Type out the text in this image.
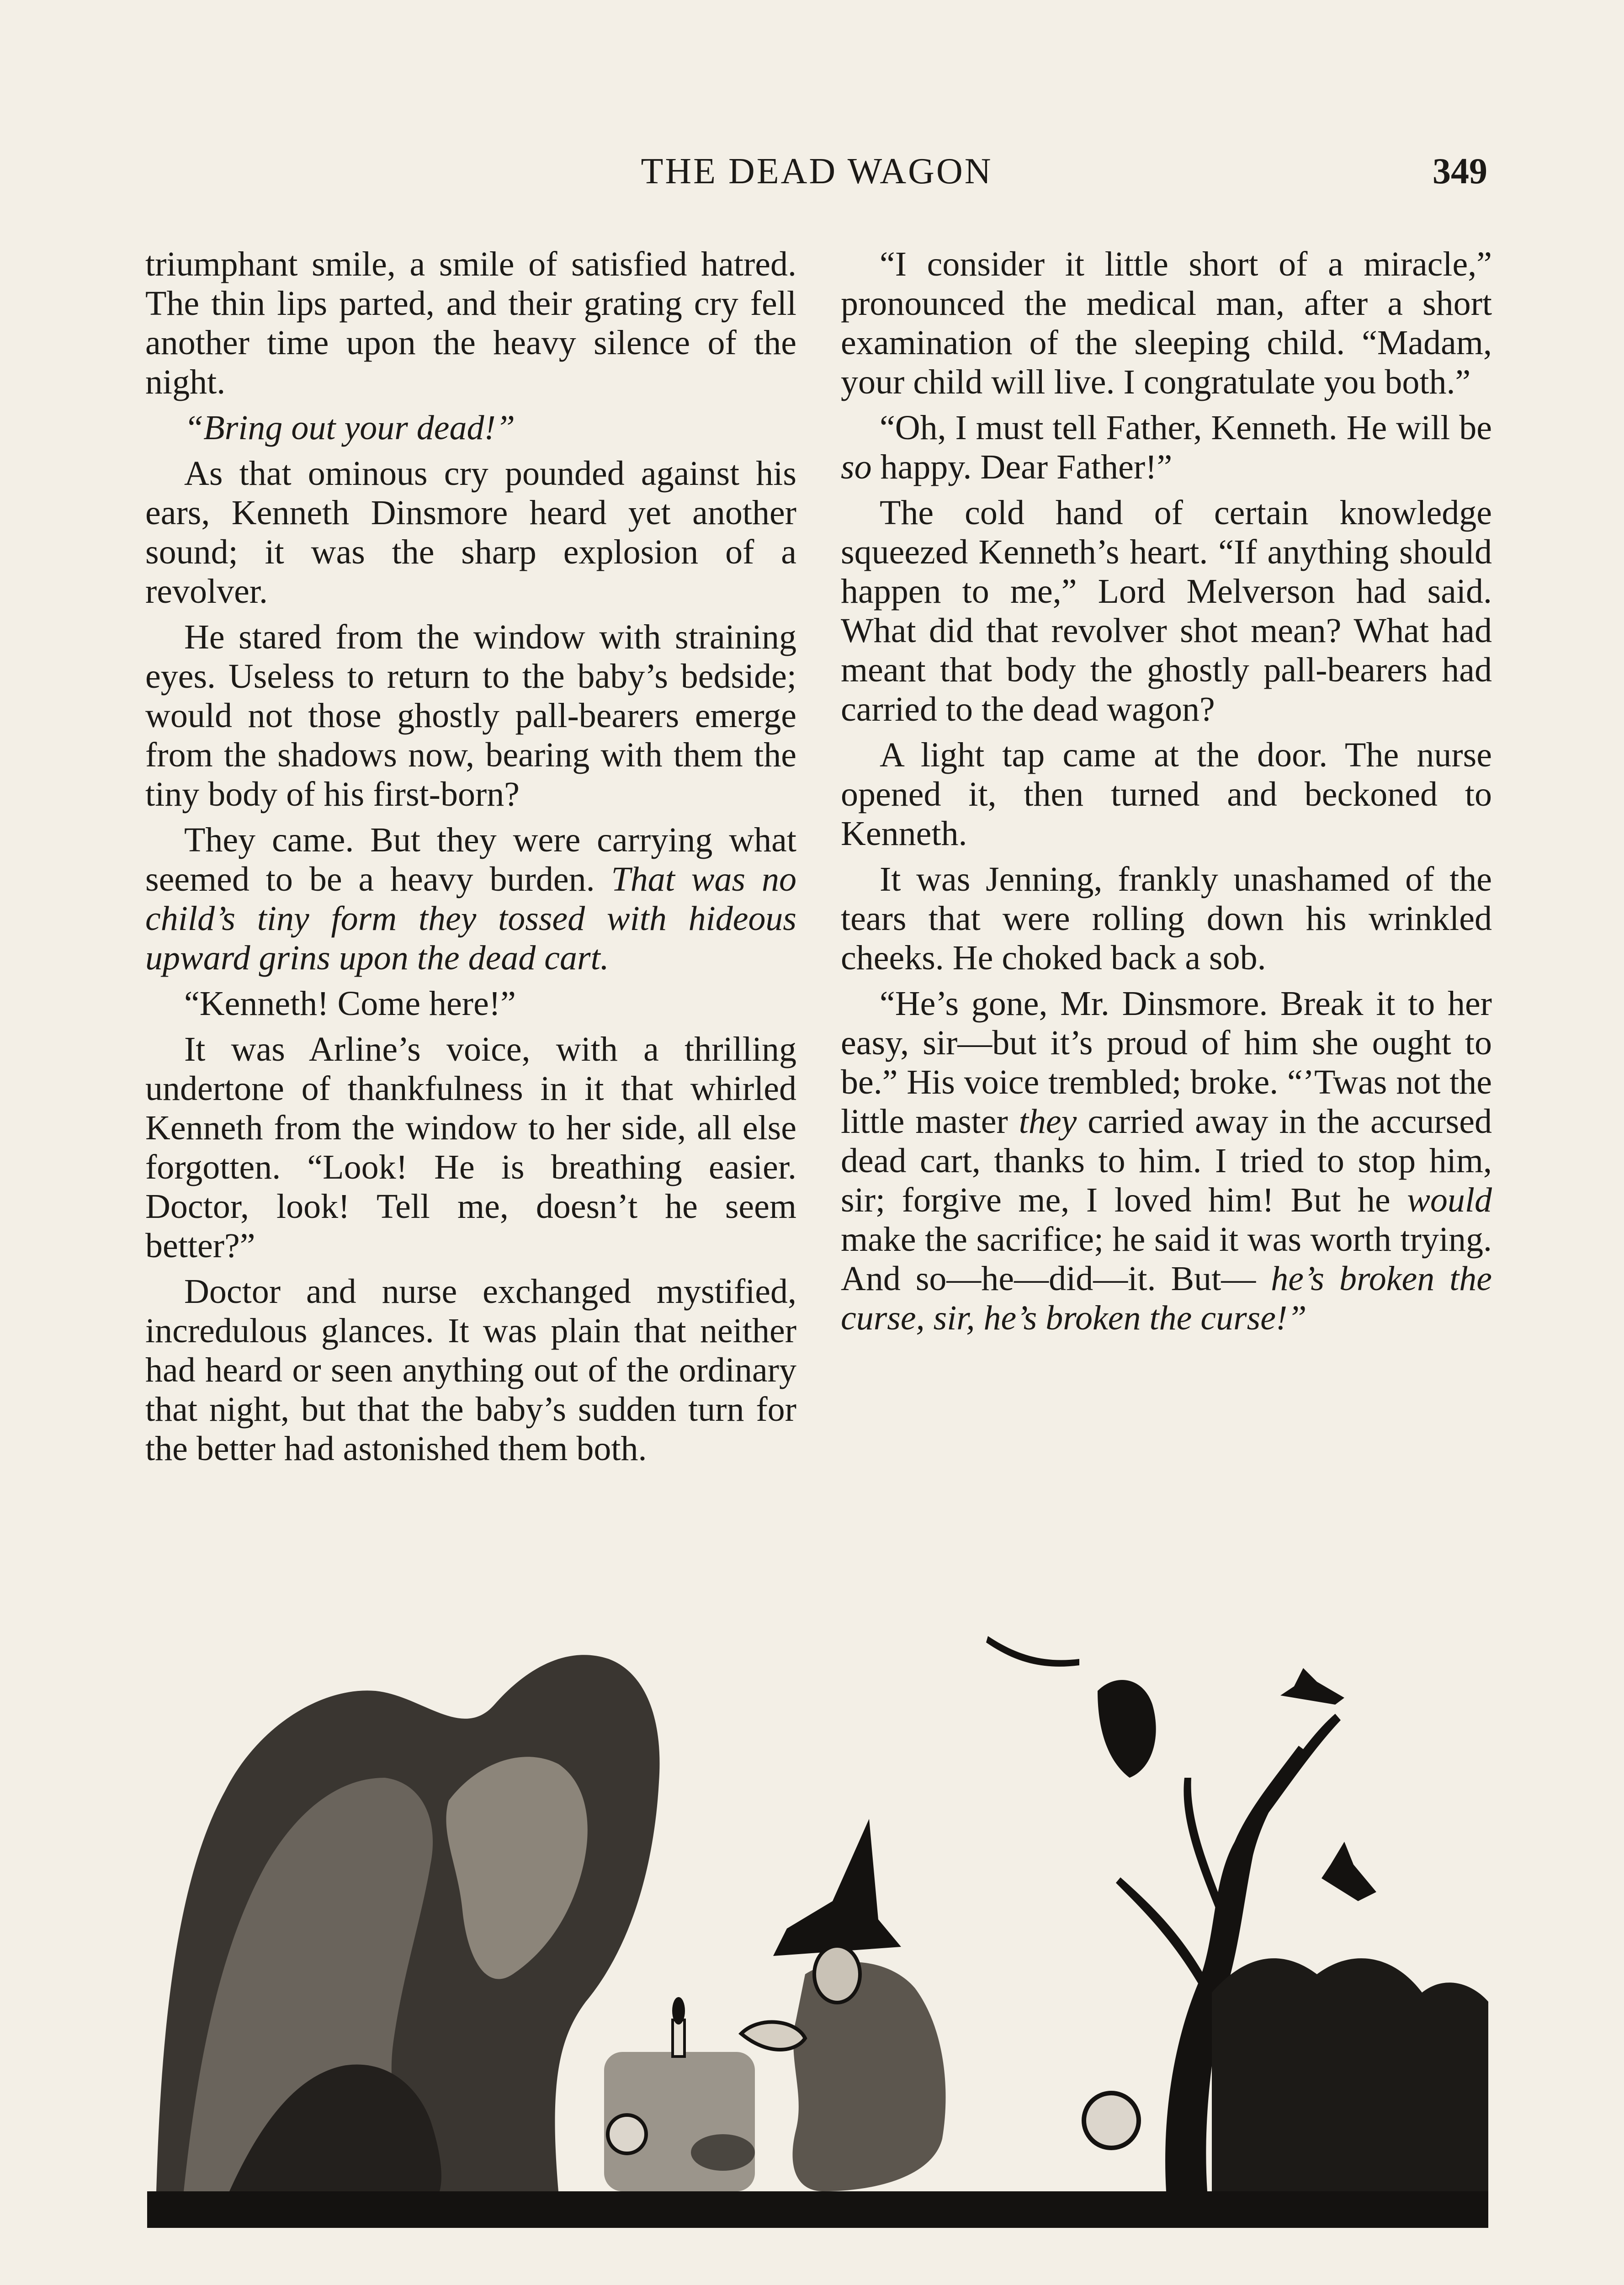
THE DEAD WAGON	349

triumphant smile, a smile of satisfied hatred. The thin lips parted, and their grating cry fell another time upon the heavy silence of the night.

“Bring out your dead!”

As that ominous cry pounded against his ears, Kenneth Dinsmore heard yet another sound; it was the sharp explosion of a revolver.

He stared from the window with straining eyes. Useless to return to the baby’s bedside; would not those ghostly pall-bearers emerge from the shadows now, bearing with them the tiny body of his first-born?

They came. But they were carrying what seemed to be a heavy burden. That was no child’s tiny form they tossed with hideous upward grins upon the dead cart.

“Kenneth! Come here!”

It was Arline’s voice, with a thrilling undertone of thankfulness in it that whirled Kenneth from the window to her side, all else forgotten. “Look! He is breathing easier. Doctor, look! Tell me, doesn’t he seem better?”

Doctor and nurse exchanged mystified, incredulous glances. It was plain that neither had heard or seen anything out of the ordinary that night, but that the baby’s sudden turn for the better had astonished them both.

“I consider it little short of a miracle,” pronounced the medical man, after a short examination of the sleeping child. “Madam, your child will live. I congratulate you both.”

“Oh, I must tell Father, Kenneth. He will be so happy. Dear Father!”

The cold hand of certain knowledge squeezed Kenneth’s heart. “If anything should happen to me,” Lord Melverson had said. What did that revolver shot mean? What had meant that body the ghostly pall-bearers had carried to the dead wagon?

A light tap came at the door. The nurse opened it, then turned and beckoned to Kenneth.

It was Jenning, frankly unashamed of the tears that were rolling down his wrinkled cheeks. He choked back a sob.

“He’s gone, Mr. Dinsmore. Break it to her easy, sir—but it’s proud of him she ought to be.” His voice trembled; broke. “’Twas not the little master they carried away in the accursed dead cart, thanks to him. I tried to stop him, sir; forgive me, I loved him! But he would make the sacrifice; he said it was worth trying. And so—he—did—it. But— he’s broken the curse, sir, he’s broken the curse!”

A. BROSNATCH
